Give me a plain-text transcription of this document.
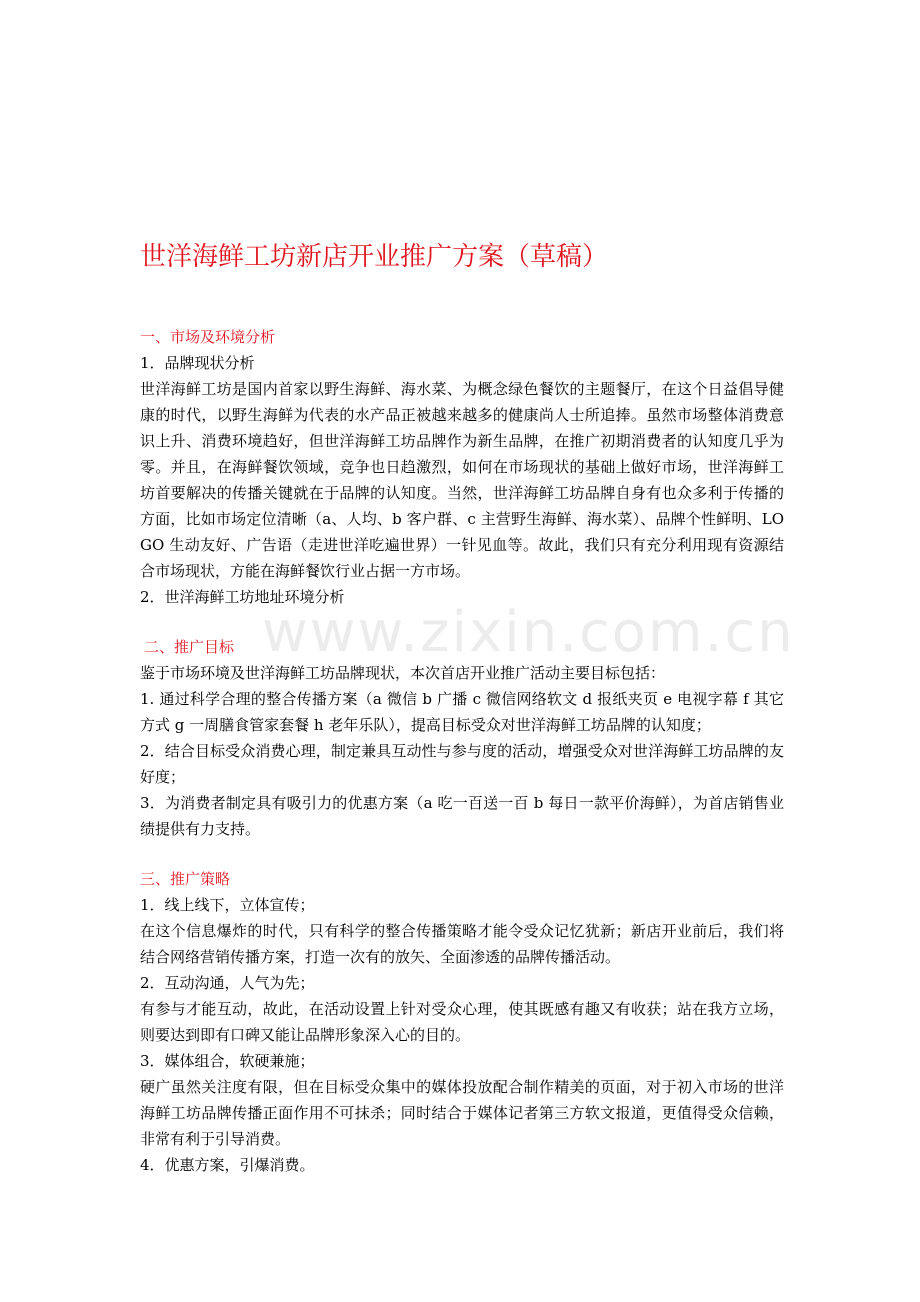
www.zixin.com.cn
世洋海鲜工坊新店开业推广方案（草稿）
一、市场及环境分析

1．品牌现状分析

世洋海鲜工坊是国内首家以野生海鲜、海水菜、为概念绿色餐饮的主题餐厅，在这个日益倡导健康的时代，以野生海鲜为代表的水产品正被越来越多的健康尚人士所追捧。虽然市场整体消费意识上升、消费环境趋好，但世洋海鲜工坊品牌作为新生品牌，在推广初期消费者的认知度几乎为零。并且，在海鲜餐饮领域，竞争也日趋激烈，如何在市场现状的基础上做好市场，世洋海鲜工坊首要解决的传播关键就在于品牌的认知度。当然，世洋海鲜工坊品牌自身有也众多利于传播的方面，比如市场定位清晰（a、人均、b 客户群、c 主营野生海鲜、海水菜）、品牌个性鲜明、LOGO 生动友好、广告语（走进世洋吃遍世界）一针见血等。故此，我们只有充分利用现有资源结合市场现状，方能在海鲜餐饮行业占据一方市场。

2．世洋海鲜工坊地址环境分析

二、推广目标

鉴于市场环境及世洋海鲜工坊品牌现状，本次首店开业推广活动主要目标包括：

1. 通过科学合理的整合传播方案（a 微信 b 广播 c 微信网络软文 d 报纸夹页 e 电视字幕 f 其它方式 g 一周膳食管家套餐 h 老年乐队），提高目标受众对世洋海鲜工坊品牌的认知度；

2．结合目标受众消费心理，制定兼具互动性与参与度的活动，增强受众对世洋海鲜工坊品牌的友好度；

3．为消费者制定具有吸引力的优惠方案（a 吃一百送一百 b 每日一款平价海鲜），为首店销售业绩提供有力支持。

三、推广策略

1．线上线下，立体宣传；

在这个信息爆炸的时代，只有科学的整合传播策略才能令受众记忆犹新；新店开业前后，我们将结合网络营销传播方案，打造一次有的放矢、全面渗透的品牌传播活动。

2．互动沟通，人气为先；

有参与才能互动，故此，在活动设置上针对受众心理，使其既感有趣又有收获；站在我方立场，则要达到即有口碑又能让品牌形象深入心的目的。

3．媒体组合，软硬兼施；

硬广虽然关注度有限，但在目标受众集中的媒体投放配合制作精美的页面，对于初入市场的世洋海鲜工坊品牌传播正面作用不可抹杀；同时结合于媒体记者第三方软文报道，更值得受众信赖，非常有利于引导消费。

4．优惠方案，引爆消费。
